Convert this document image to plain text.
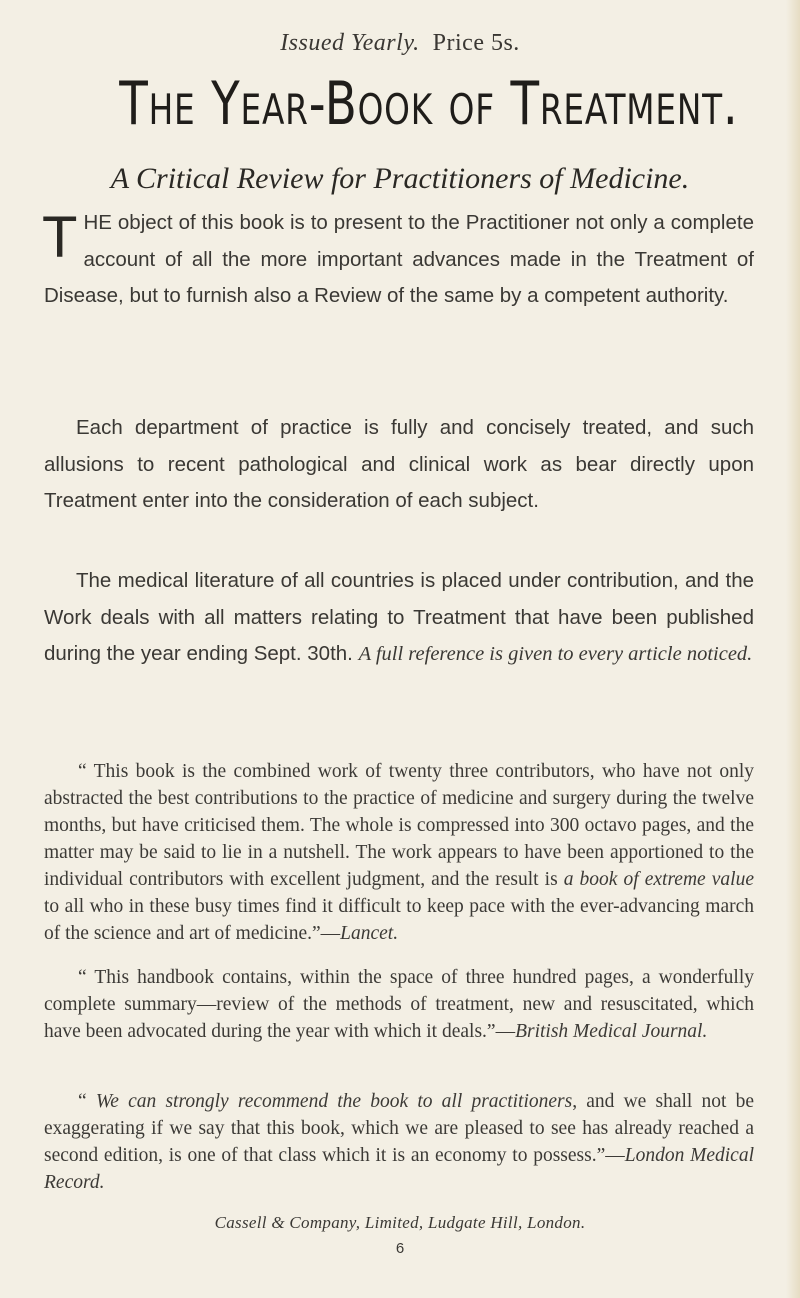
Issued Yearly. Price 5s.
The Year-Book of Treatment.
A Critical Review for Practitioners of Medicine.

THE object of this book is to present to the Practitioner not only a complete account of all the more important advances made in the Treatment of Disease, but to furnish also a Review of the same by a competent authority.

Each department of practice is fully and concisely treated, and such allusions to recent pathological and clinical work as bear directly upon Treatment enter into the consideration of each subject.

The medical literature of all countries is placed under contribution, and the Work deals with all matters relating to Treatment that have been published during the year ending Sept. 30th. A full reference is given to every article noticed.

“ This book is the combined work of twenty three contributors, who have not only abstracted the best contributions to the practice of medicine and surgery during the twelve months, but have criticised them. The whole is compressed into 300 octavo pages, and the matter may be said to lie in a nutshell. The work appears to have been apportioned to the individual contributors with excellent judgment, and the result is a book of extreme value to all who in these busy times find it difficult to keep pace with the ever-advancing march of the science and art of medicine.”—Lancet.

“ This handbook contains, within the space of three hundred pages, a wonderfully complete summary—review of the methods of treatment, new and resuscitated, which have been advocated during the year with which it deals.”—British Medical Journal.

“ We can strongly recommend the book to all practitioners, and we shall not be exaggerating if we say that this book, which we are pleased to see has already reached a second edition, is one of that class which it is an economy to possess.”—London Medical Record.

Cassell & Company, Limited, Ludgate Hill, London.
6
